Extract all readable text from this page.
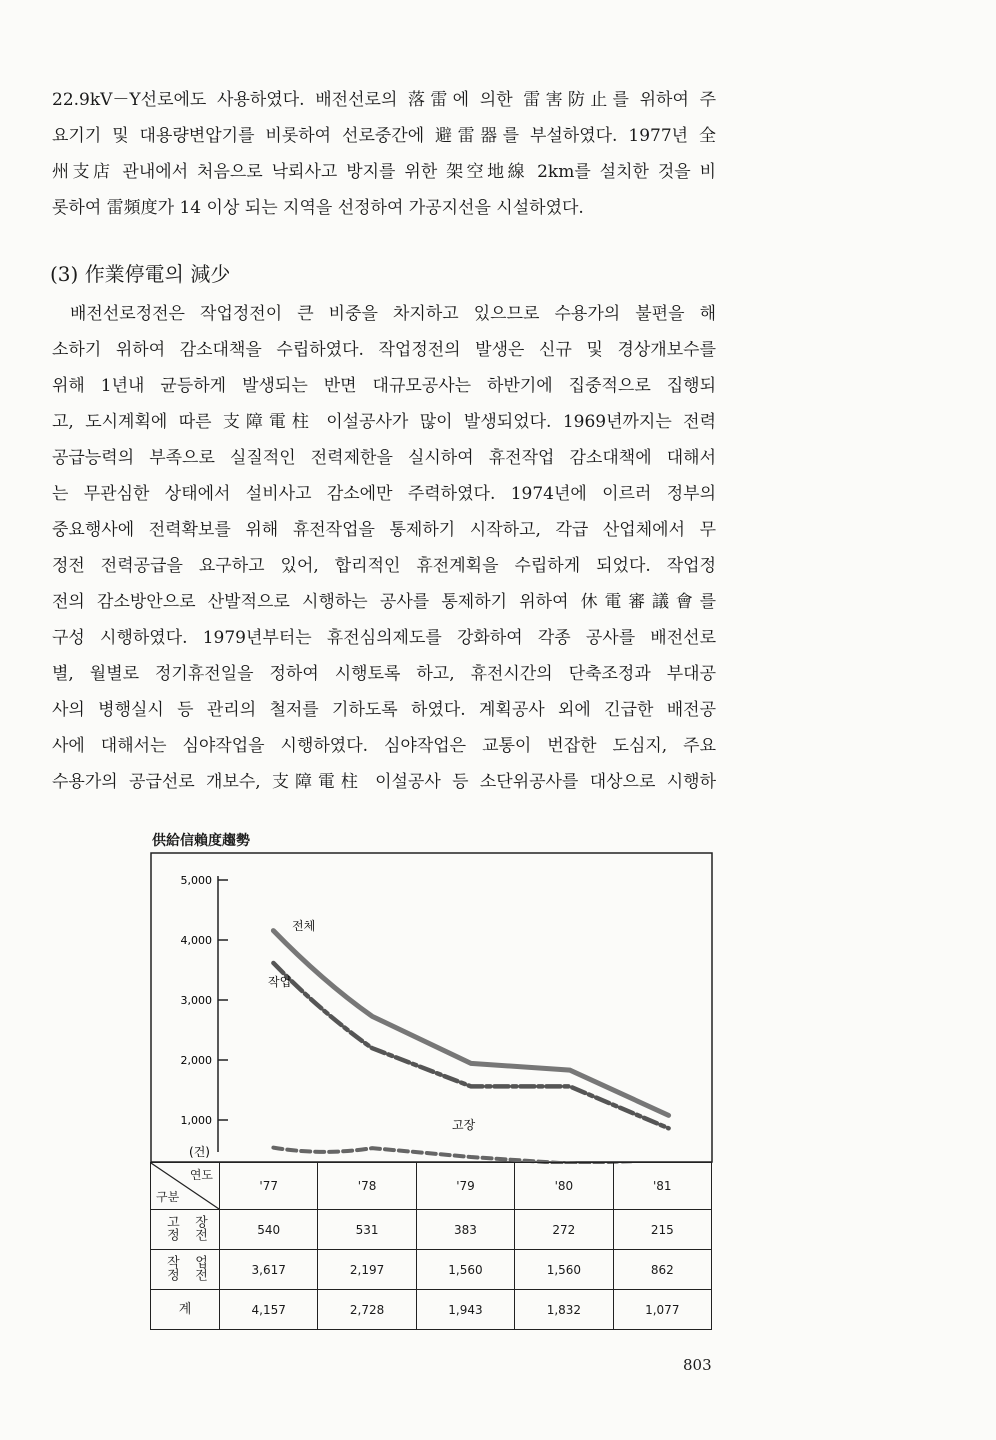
22.9kV－Y선로에도 사용하였다. 배전선로의 落雷에 의한 雷害防止를 위하여 주
요기기 및 대용량변압기를 비롯하여 선로중간에 避雷器를 부설하였다. 1977년 全
州支店 관내에서 처음으로 낙뢰사고 방지를 위한 架空地線 2km를 설치한 것을 비
롯하여 雷頻度가 14 이상 되는 지역을 선정하여 가공지선을 시설하였다.
(3) 作業停電의 減少
배전선로정전은 작업정전이 큰 비중을 차지하고 있으므로 수용가의 불편을 해
소하기 위하여 감소대책을 수립하였다. 작업정전의 발생은 신규 및 경상개보수를
위해 1년내 균등하게 발생되는 반면 대규모공사는 하반기에 집중적으로 집행되
고, 도시계획에 따른 支障電柱 이설공사가 많이 발생되었다. 1969년까지는 전력
공급능력의 부족으로 실질적인 전력제한을 실시하여 휴전작업 감소대책에 대해서
는 무관심한 상태에서 설비사고 감소에만 주력하였다. 1974년에 이르러 정부의
중요행사에 전력확보를 위해 휴전작업을 통제하기 시작하고, 각급 산업체에서 무
정전 전력공급을 요구하고 있어, 합리적인 휴전계획을 수립하게 되었다. 작업정
전의 감소방안으로 산발적으로 시행하는 공사를 통제하기 위하여 休電審議會를
구성 시행하였다. 1979년부터는 휴전심의제도를 강화하여 각종 공사를 배전선로
별, 월별로 정기휴전일을 정하여 시행토록 하고, 휴전시간의 단축조정과 부대공
사의 병행실시 등 관리의 철저를 기하도록 하였다. 계획공사 외에 긴급한 배전공
사에 대해서는 심야작업을 시행하였다. 심야작업은 교통이 번잡한 도심지, 주요
수용가의 공급선로 개보수, 支障電柱 이설공사 등 소단위공사를 대상으로 시행하
供給信賴度趨勢
5,000
4,000
3,000
2,000
1,000
전체
작업
고장
(건)
연도
구분	'77	'78	'79	'80	'81
고정 장전	540	531	383	272	215
작정 업전	3,617	2,197	1,560	1,560	862
계	4,157	2,728	1,943	1,832	1,077

803
